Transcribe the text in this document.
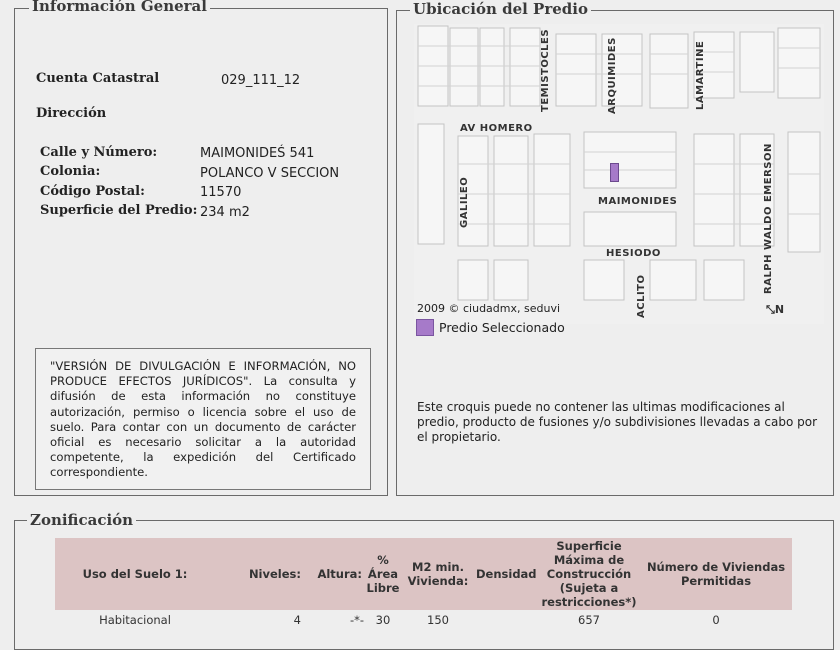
Información General
Cuenta Catastral	029_111_12
Dirección
Calle y Número:	MAIMONIDEŚ 541
Colonia:	POLANCO V SECCION
Código Postal:	11570
Superficie del Predio: 234 m2
"VERSIÓN DE DIVULGACIÓN E INFORMACIÓN, NO PRODUCE EFECTOS JURÍDICOS". La consulta y difusión de esta información no constituye autorización, permiso o licencia sobre el uso de suelo. Para contar con un documento de carácter oficial es necesario solicitar a la autoridad competente, la expedición del Certificado correspondiente.
Ubicación del Predio
TEMISTOCLES	ARQUIMIDES	LAMARTINE
AV HOMERO
GALILEO	MAIMONIDES
HESIODO
ACLITO
RALPH WALDO EMERSON
⤡N
2009 © ciudadmx, seduvi
Predio Seleccionado
Este croquis puede no contener las ultimas modificaciones al predio, producto de fusiones y/o subdivisiones llevadas a cabo por el propietario.
Zonificación
Uso del Suelo 1:	Niveles:	Altura:	% Área Libre	M2 min. Vivienda:	Densidad	Superficie Máxima de Construcción (Sujeta a restricciones*)	Número de Viviendas Permitidas
Habitacional	4	-*-	30	150		657	0
